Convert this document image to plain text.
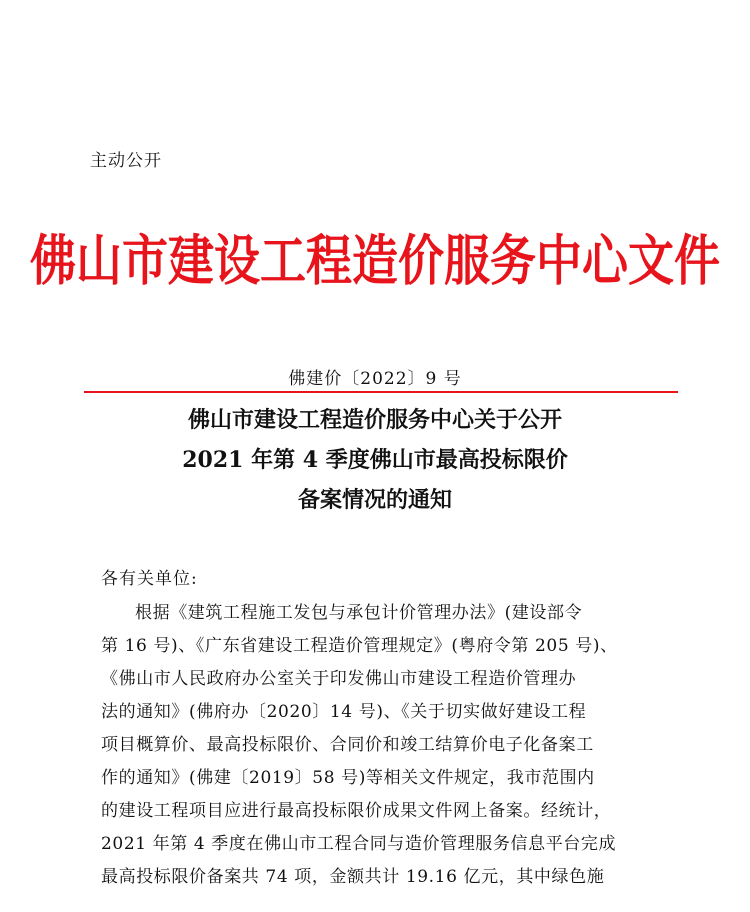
主动公开
佛山市建设工程造价服务中心文件
佛建价〔2022〕9 号
佛山市建设工程造价服务中心关于公开
2021 年第 4 季度佛山市最高投标限价
备案情况的通知
各有关单位:
根据《建筑工程施工发包与承包计价管理办法》(建设部令
第 16 号)、《广东省建设工程造价管理规定》(粤府令第 205 号)、
《佛山市人民政府办公室关于印发佛山市建设工程造价管理办
法的通知》(佛府办〔2020〕14 号)、《关于切实做好建设工程
项目概算价、最高投标限价、合同价和竣工结算价电子化备案工
作的通知》(佛建〔2019〕58 号)等相关文件规定，我市范围内
的建设工程项目应进行最高投标限价成果文件网上备案。经统计，
2021 年第 4 季度在佛山市工程合同与造价管理服务信息平台完成
最高投标限价备案共 74 项，金额共计 19.16 亿元，其中绿色施
